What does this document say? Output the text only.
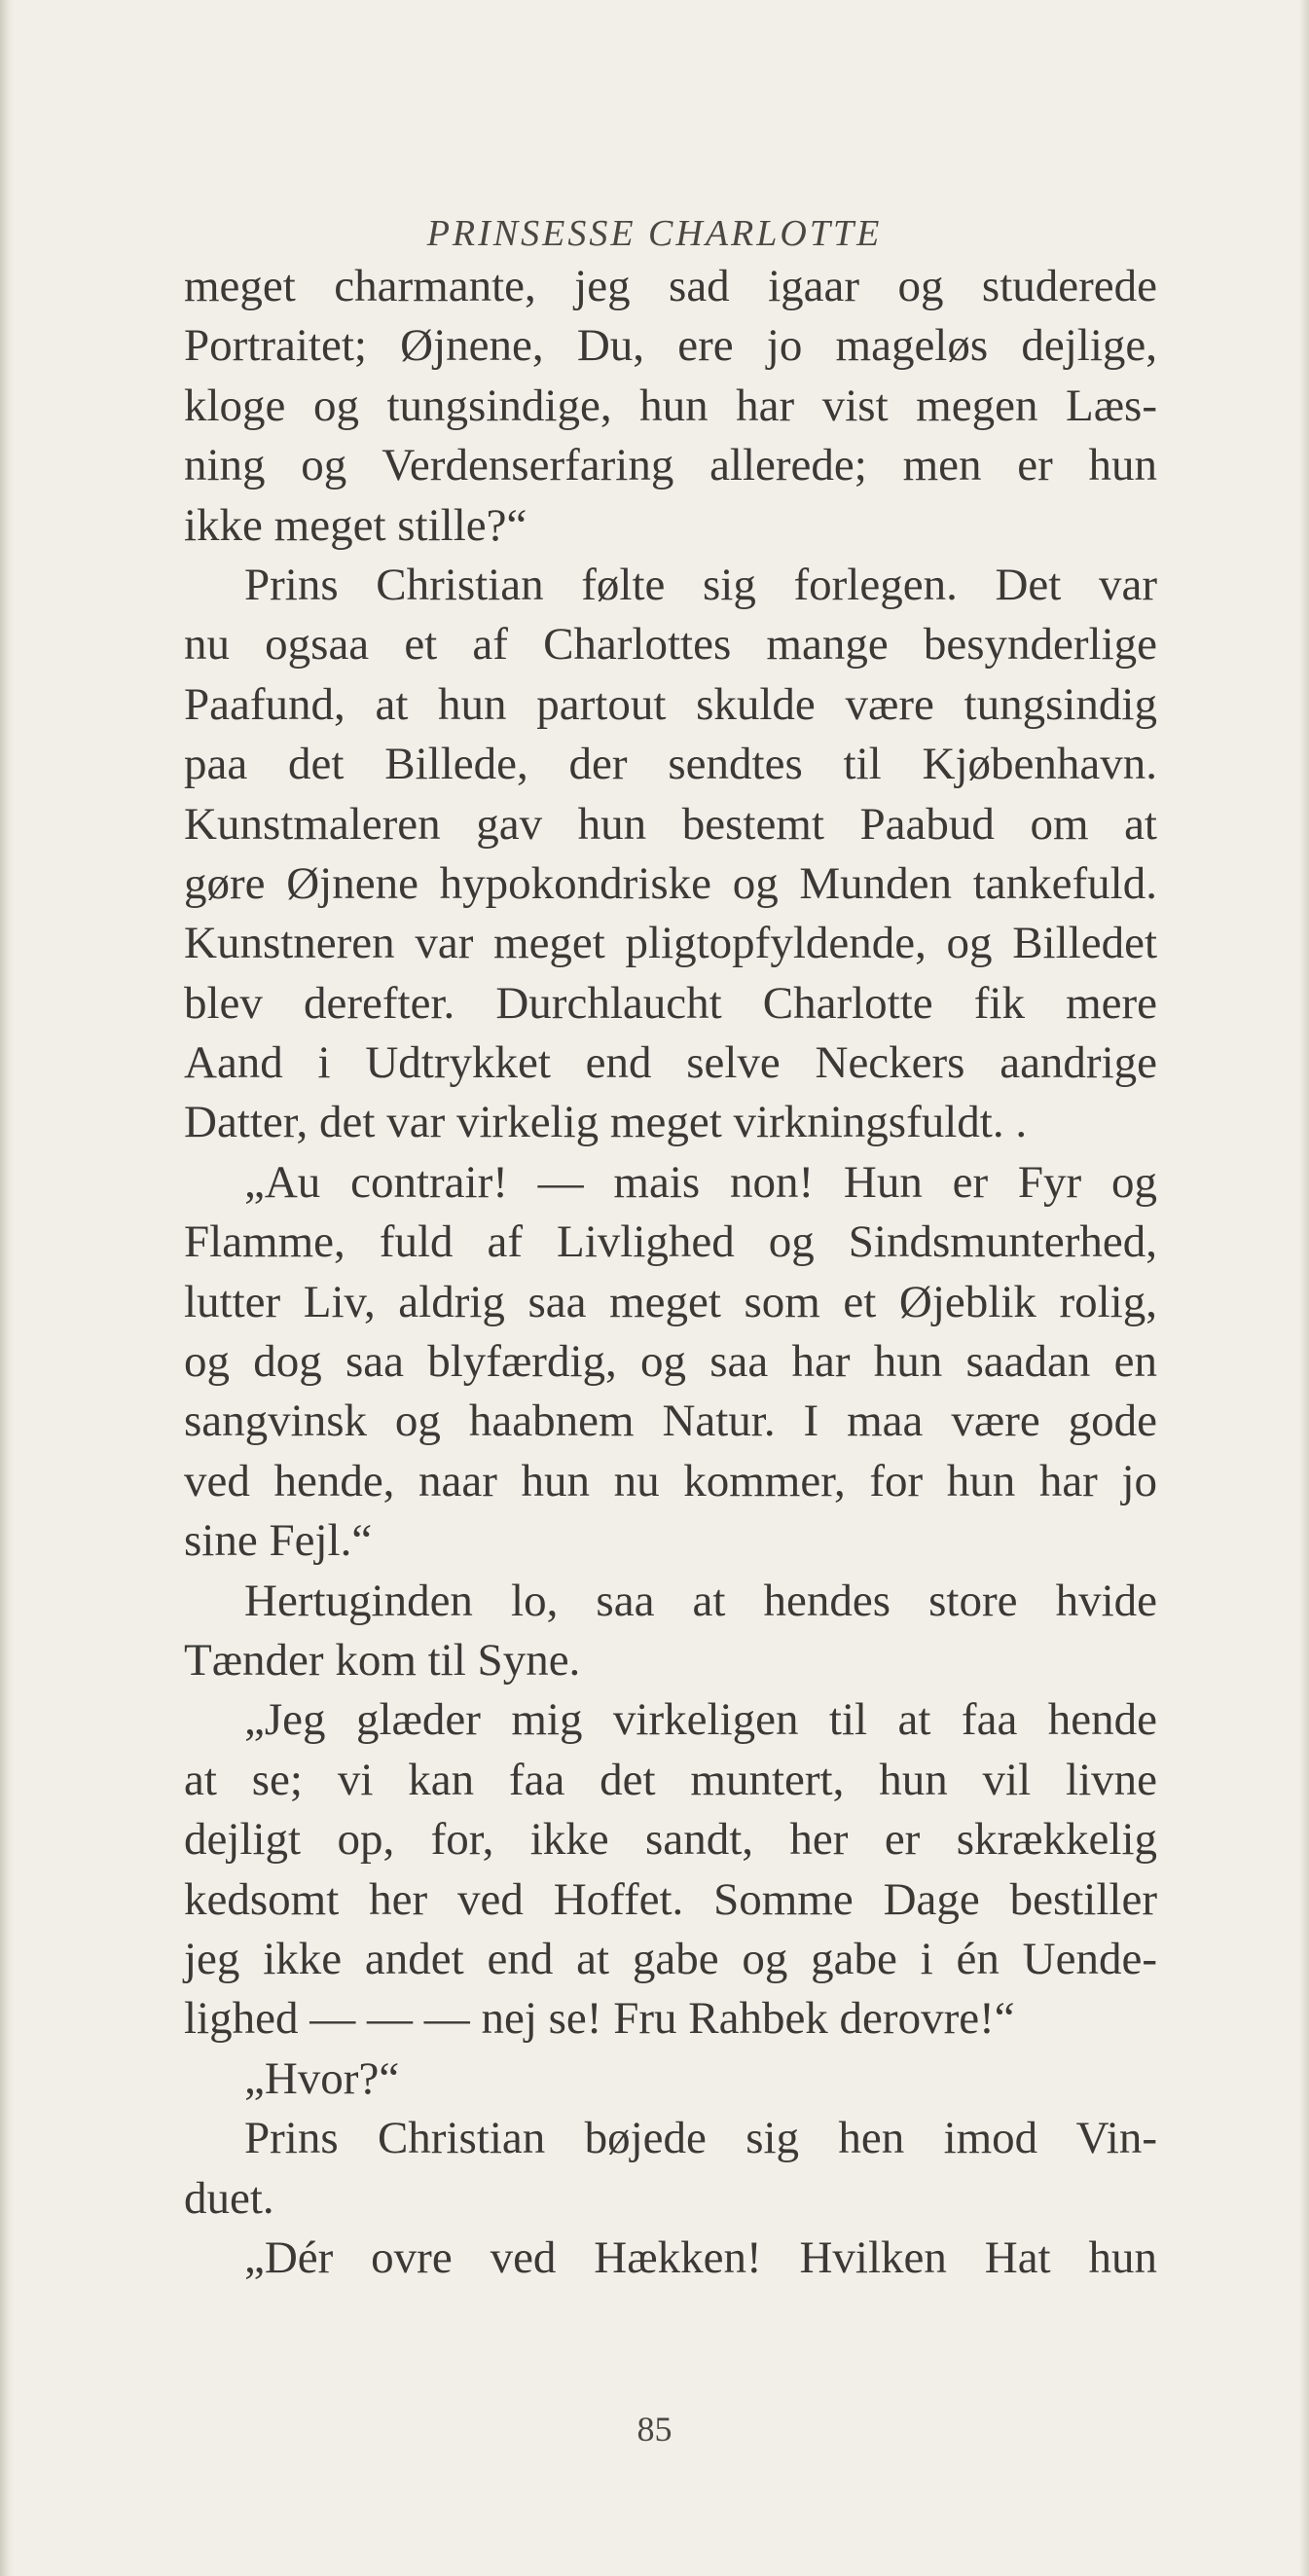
PRINSESSE CHARLOTTE
meget charmante, jeg sad igaar og studerede
Portraitet; Øjnene, Du, ere jo mageløs dejlige,
kloge og tungsindige, hun har vist megen Læs-
ning og Verdenserfaring allerede; men er hun
ikke meget stille?“
Prins Christian følte sig forlegen. Det var
nu ogsaa et af Charlottes mange besynderlige
Paafund, at hun partout skulde være tungsindig
paa det Billede, der sendtes til Kjøbenhavn.
Kunstmaleren gav hun bestemt Paabud om at
gøre Øjnene hypokondriske og Munden tankefuld.
Kunstneren var meget pligtopfyldende, og Billedet
blev derefter. Durchlaucht Charlotte fik mere
Aand i Udtrykket end selve Neckers aandrige
Datter, det var virkelig meget virkningsfuldt. .
„Au contrair! — mais non! Hun er Fyr og
Flamme, fuld af Livlighed og Sindsmunterhed,
lutter Liv, aldrig saa meget som et Øjeblik rolig,
og dog saa blyfærdig, og saa har hun saadan en
sangvinsk og haabnem Natur. I maa være gode
ved hende, naar hun nu kommer, for hun har jo
sine Fejl.“
Hertuginden lo, saa at hendes store hvide
Tænder kom til Syne.
„Jeg glæder mig virkeligen til at faa hende
at se; vi kan faa det muntert, hun vil livne
dejligt op, for, ikke sandt, her er skrækkelig
kedsomt her ved Hoffet. Somme Dage bestiller
jeg ikke andet end at gabe og gabe i én Uende-
lighed — — — nej se! Fru Rahbek derovre!“
„Hvor?“
Prins Christian bøjede sig hen imod Vin-
duet.
„Dér ovre ved Hækken! Hvilken Hat hun
85
